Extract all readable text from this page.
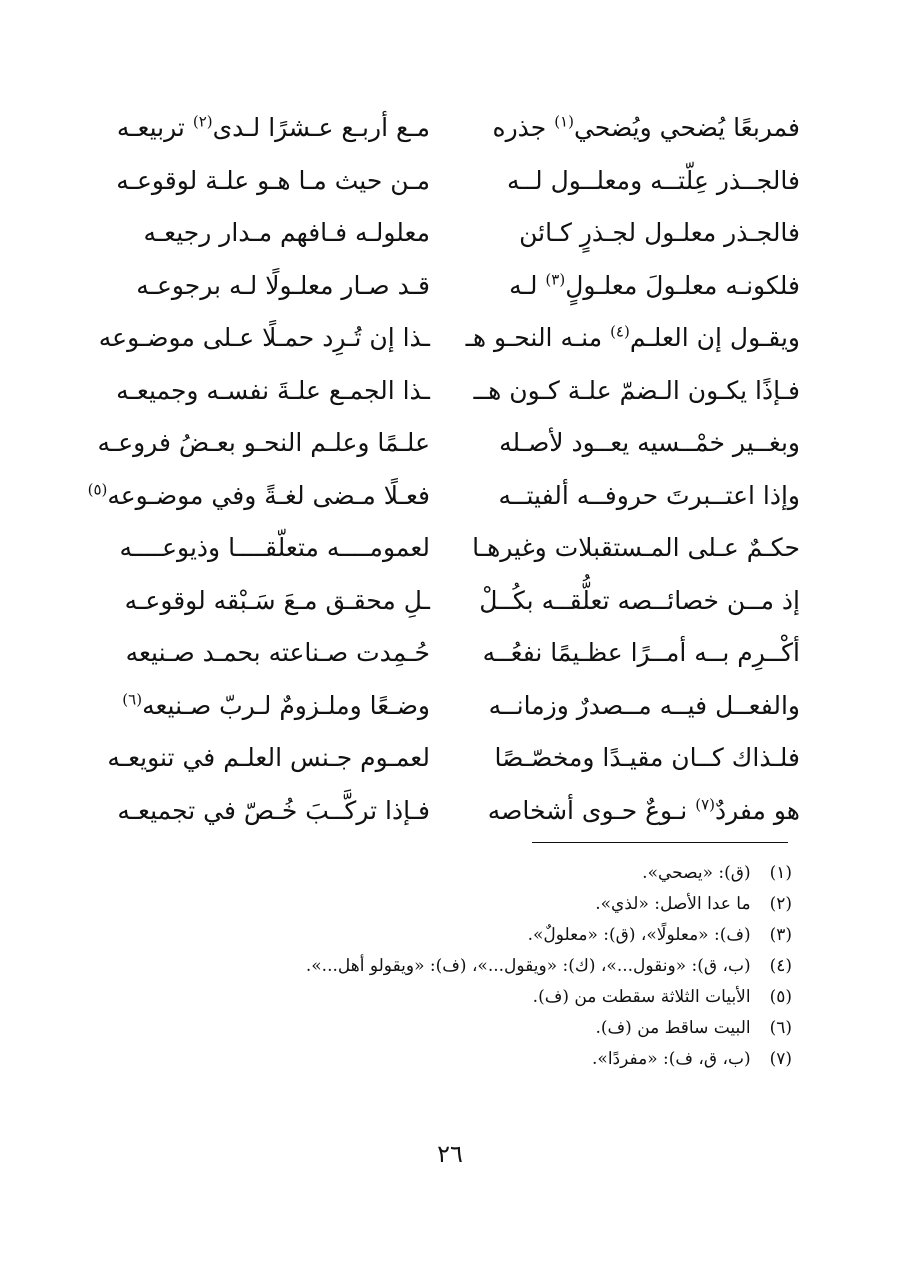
فمربعًا يُضحي ويُضحي$^{(١)}$ جذره
مـع أربـع عـشرًا لـدى$^{(٢)}$ تربيعـه
فالجــذر عِلّتــه ومعلــول لــه
مـن حيث مـا هـو علـة لوقوعـه
فالجـذر معلـول لجـذرٍ كـائن
معلولـه فـافهم مـدار رجيعـه
فلكونـه معلـولَ معلـولٍ$^{(٣)}$ لـه
قـد صـار معلـولًا لـه برجوعـه
ويقـول إن العلـم$^{(٤)}$ منـه النحـو هـ
ـذا إن تُـرِد حمـلًا عـلى موضـوعه
فـإذًا يكـون الـضمّ علـة كـون هــ
ـذا الجمـع علـةَ نفسـه وجميعـه
وبغــير خمْــسيه يعــود لأصـله
علـمًا وعلـم النحـو بعـضُ فروعـه
وإذا اعتــبرتَ حروفــه ألفيتــه
فعـلًا مـضى لغـةً وفي موضـوعه$^{(٥)}$
حكـمٌ عـلى المـستقبلات وغيرهـا
لعمومــــه متعلّقــــا وذيوعــــه
إذ مــن خصائــصه تعلُّقــه بكُــلْ
ـلِ محقـق مـعَ سَـبْقه لوقوعـه
أكْــرِم بــه أمــرًا عظـيمًا نفعُــه
حُـمِدت صـناعته بحمـد صـنيعه
والفعــل فيــه مــصدرٌ وزمانــه
وضـعًا وملـزومٌ لـربّ صـنيعه$^{(٦)}$
فلـذاك كــان مقيـدًا ومخصّـصًا
لعمـوم جـنس العلـم في تنويعـه
هو مفردٌ$^{(٧)}$ نـوعٌ حـوى أشخاصه
فـإذا تركَّــبَ خُـصّ في تجميعـه
(١) (ق): «يصحي».
(٢) ما عدا الأصل: «لذي».
(٣) (ف): «معلولًا»، (ق): «معلولٌ».
(٤) (ب، ق): «ونقول...»، (ك): «ويقول...»، (ف): «ويقولو أهل...».
(٥) الأبيات الثلاثة سقطت من (ف).
(٦) البيت ساقط من (ف).
(٧) (ب، ق، ف): «مفردًا».
٢٦
